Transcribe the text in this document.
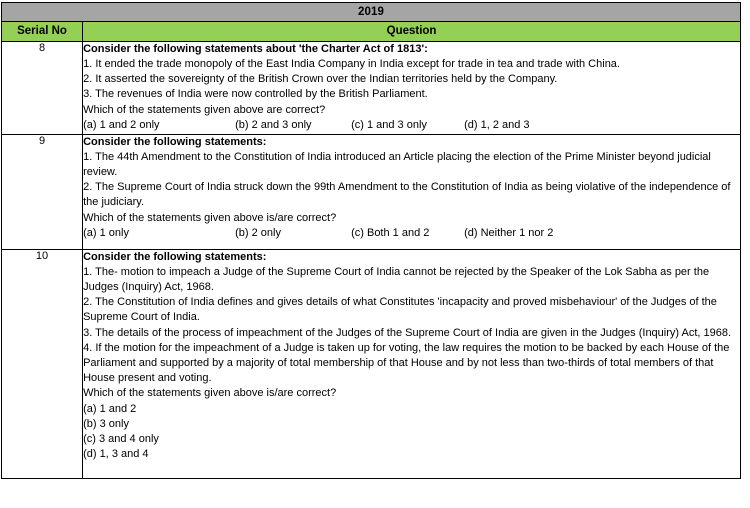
2019	
Serial No	Question
8	Consider the following statements about 'the Charter Act of 1813':
1. It ended the trade monopoly of the East India Company in India except for trade in tea and trade with China.
2. It asserted the sovereignty of the British Crown over the Indian territories held by the Company.
3. The revenues of India were now controlled by the British Parliament.
Which of the statements given above are correct?
(a) 1 and 2 only	(b) 2 and 3 only	(c) 1 and 3 only	(d) 1, 2 and 3

9	Consider the following statements:
1. The 44th Amendment to the Constitution of India introduced an Article placing the election of the Prime Minister beyond judicial review.
2. The Supreme Court of India struck down the 99th Amendment to the Constitution of India as being violative of the independence of the judiciary.
Which of the statements given above is/are correct?
(a) 1 only	(b) 2 only	(c) Both 1 and 2	(d) Neither 1 nor 2

10	Consider the following statements:
1. The- motion to impeach a Judge of the Supreme Court of India cannot be rejected by the Speaker of the Lok Sabha as per the Judges (Inquiry) Act, 1968.
2. The Constitution of India defines and gives details of what Constitutes 'incapacity and proved misbehaviour' of the Judges of the Supreme Court of India.
3. The details of the process of impeachment of the Judges of the Supreme Court of India are given in the Judges (Inquiry) Act, 1968.
4. If the motion for the impeachment of a Judge is taken up for voting, the law requires the motion to be backed by each House of the Parliament and supported by a majority of total membership of that House and by not less than two-thirds of total members of that House present and voting.
Which of the statements given above is/are correct?
(a) 1 and 2
(b) 3 only
(c) 3 and 4 only
(d) 1, 3 and 4
